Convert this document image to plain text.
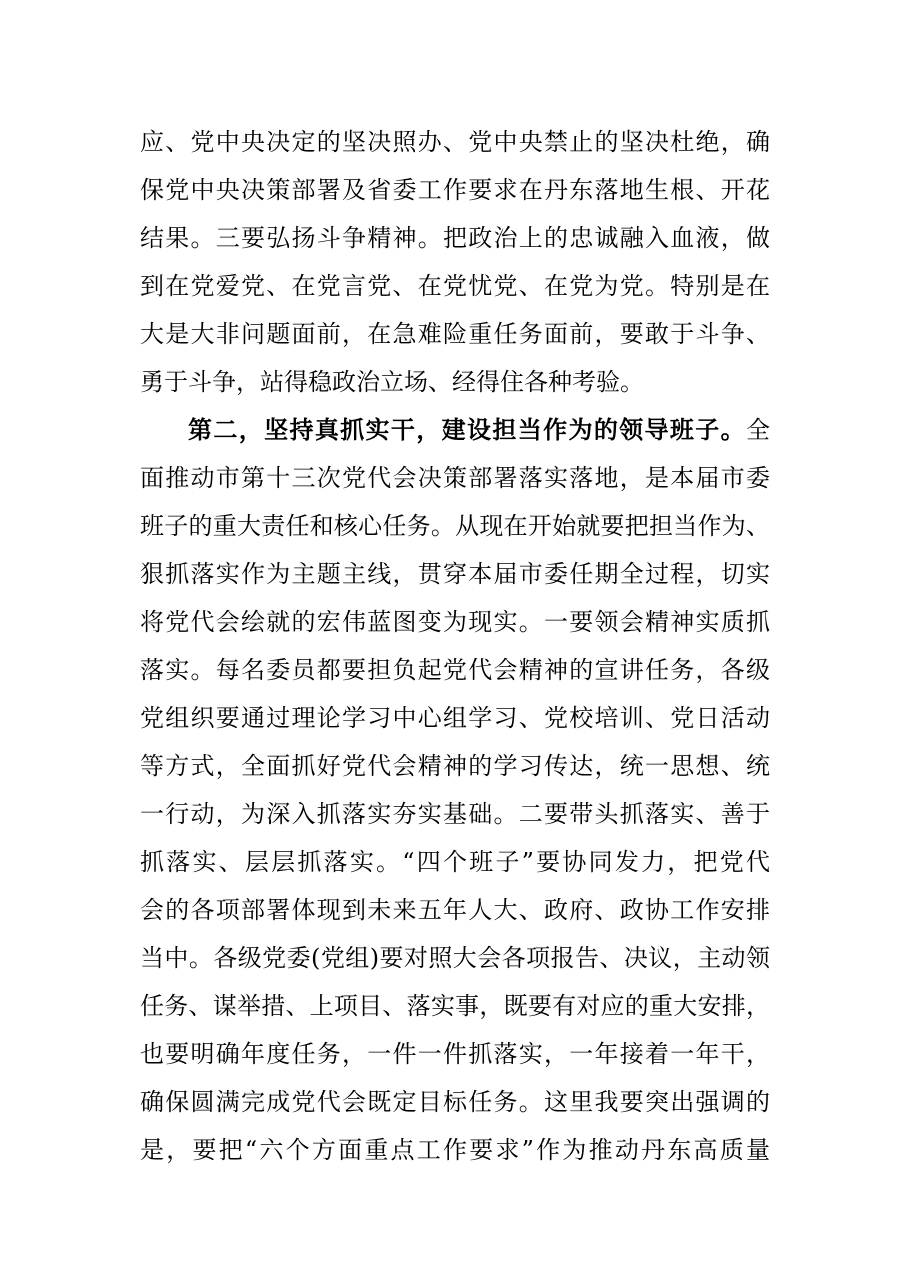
应、党中央决定的坚决照办、党中央禁止的坚决杜绝，确
保党中央决策部署及省委工作要求在丹东落地生根、开花
结果。三要弘扬斗争精神。把政治上的忠诚融入血液，做
到在党爱党、在党言党、在党忧党、在党为党。特别是在
大是大非问题面前，在急难险重任务面前，要敢于斗争、
勇于斗争，站得稳政治立场、经得住各种考验。
第二，坚持真抓实干，建设担当作为的领导班子。全
面推动市第十三次党代会决策部署落实落地，是本届市委
班子的重大责任和核心任务。从现在开始就要把担当作为、
狠抓落实作为主题主线，贯穿本届市委任期全过程，切实
将党代会绘就的宏伟蓝图变为现实。一要领会精神实质抓
落实。每名委员都要担负起党代会精神的宣讲任务，各级
党组织要通过理论学习中心组学习、党校培训、党日活动
等方式，全面抓好党代会精神的学习传达，统一思想、统
一行动，为深入抓落实夯实基础。二要带头抓落实、善于
抓落实、层层抓落实。“四个班子”要协同发力，把党代
会的各项部署体现到未来五年人大、政府、政协工作安排
当中。各级党委(党组)要对照大会各项报告、决议，主动领
任务、谋举措、上项目、落实事，既要有对应的重大安排，
也要明确年度任务，一件一件抓落实，一年接着一年干，
确保圆满完成党代会既定目标任务。这里我要突出强调的
是，要把“六个方面重点工作要求”作为推动丹东高质量
